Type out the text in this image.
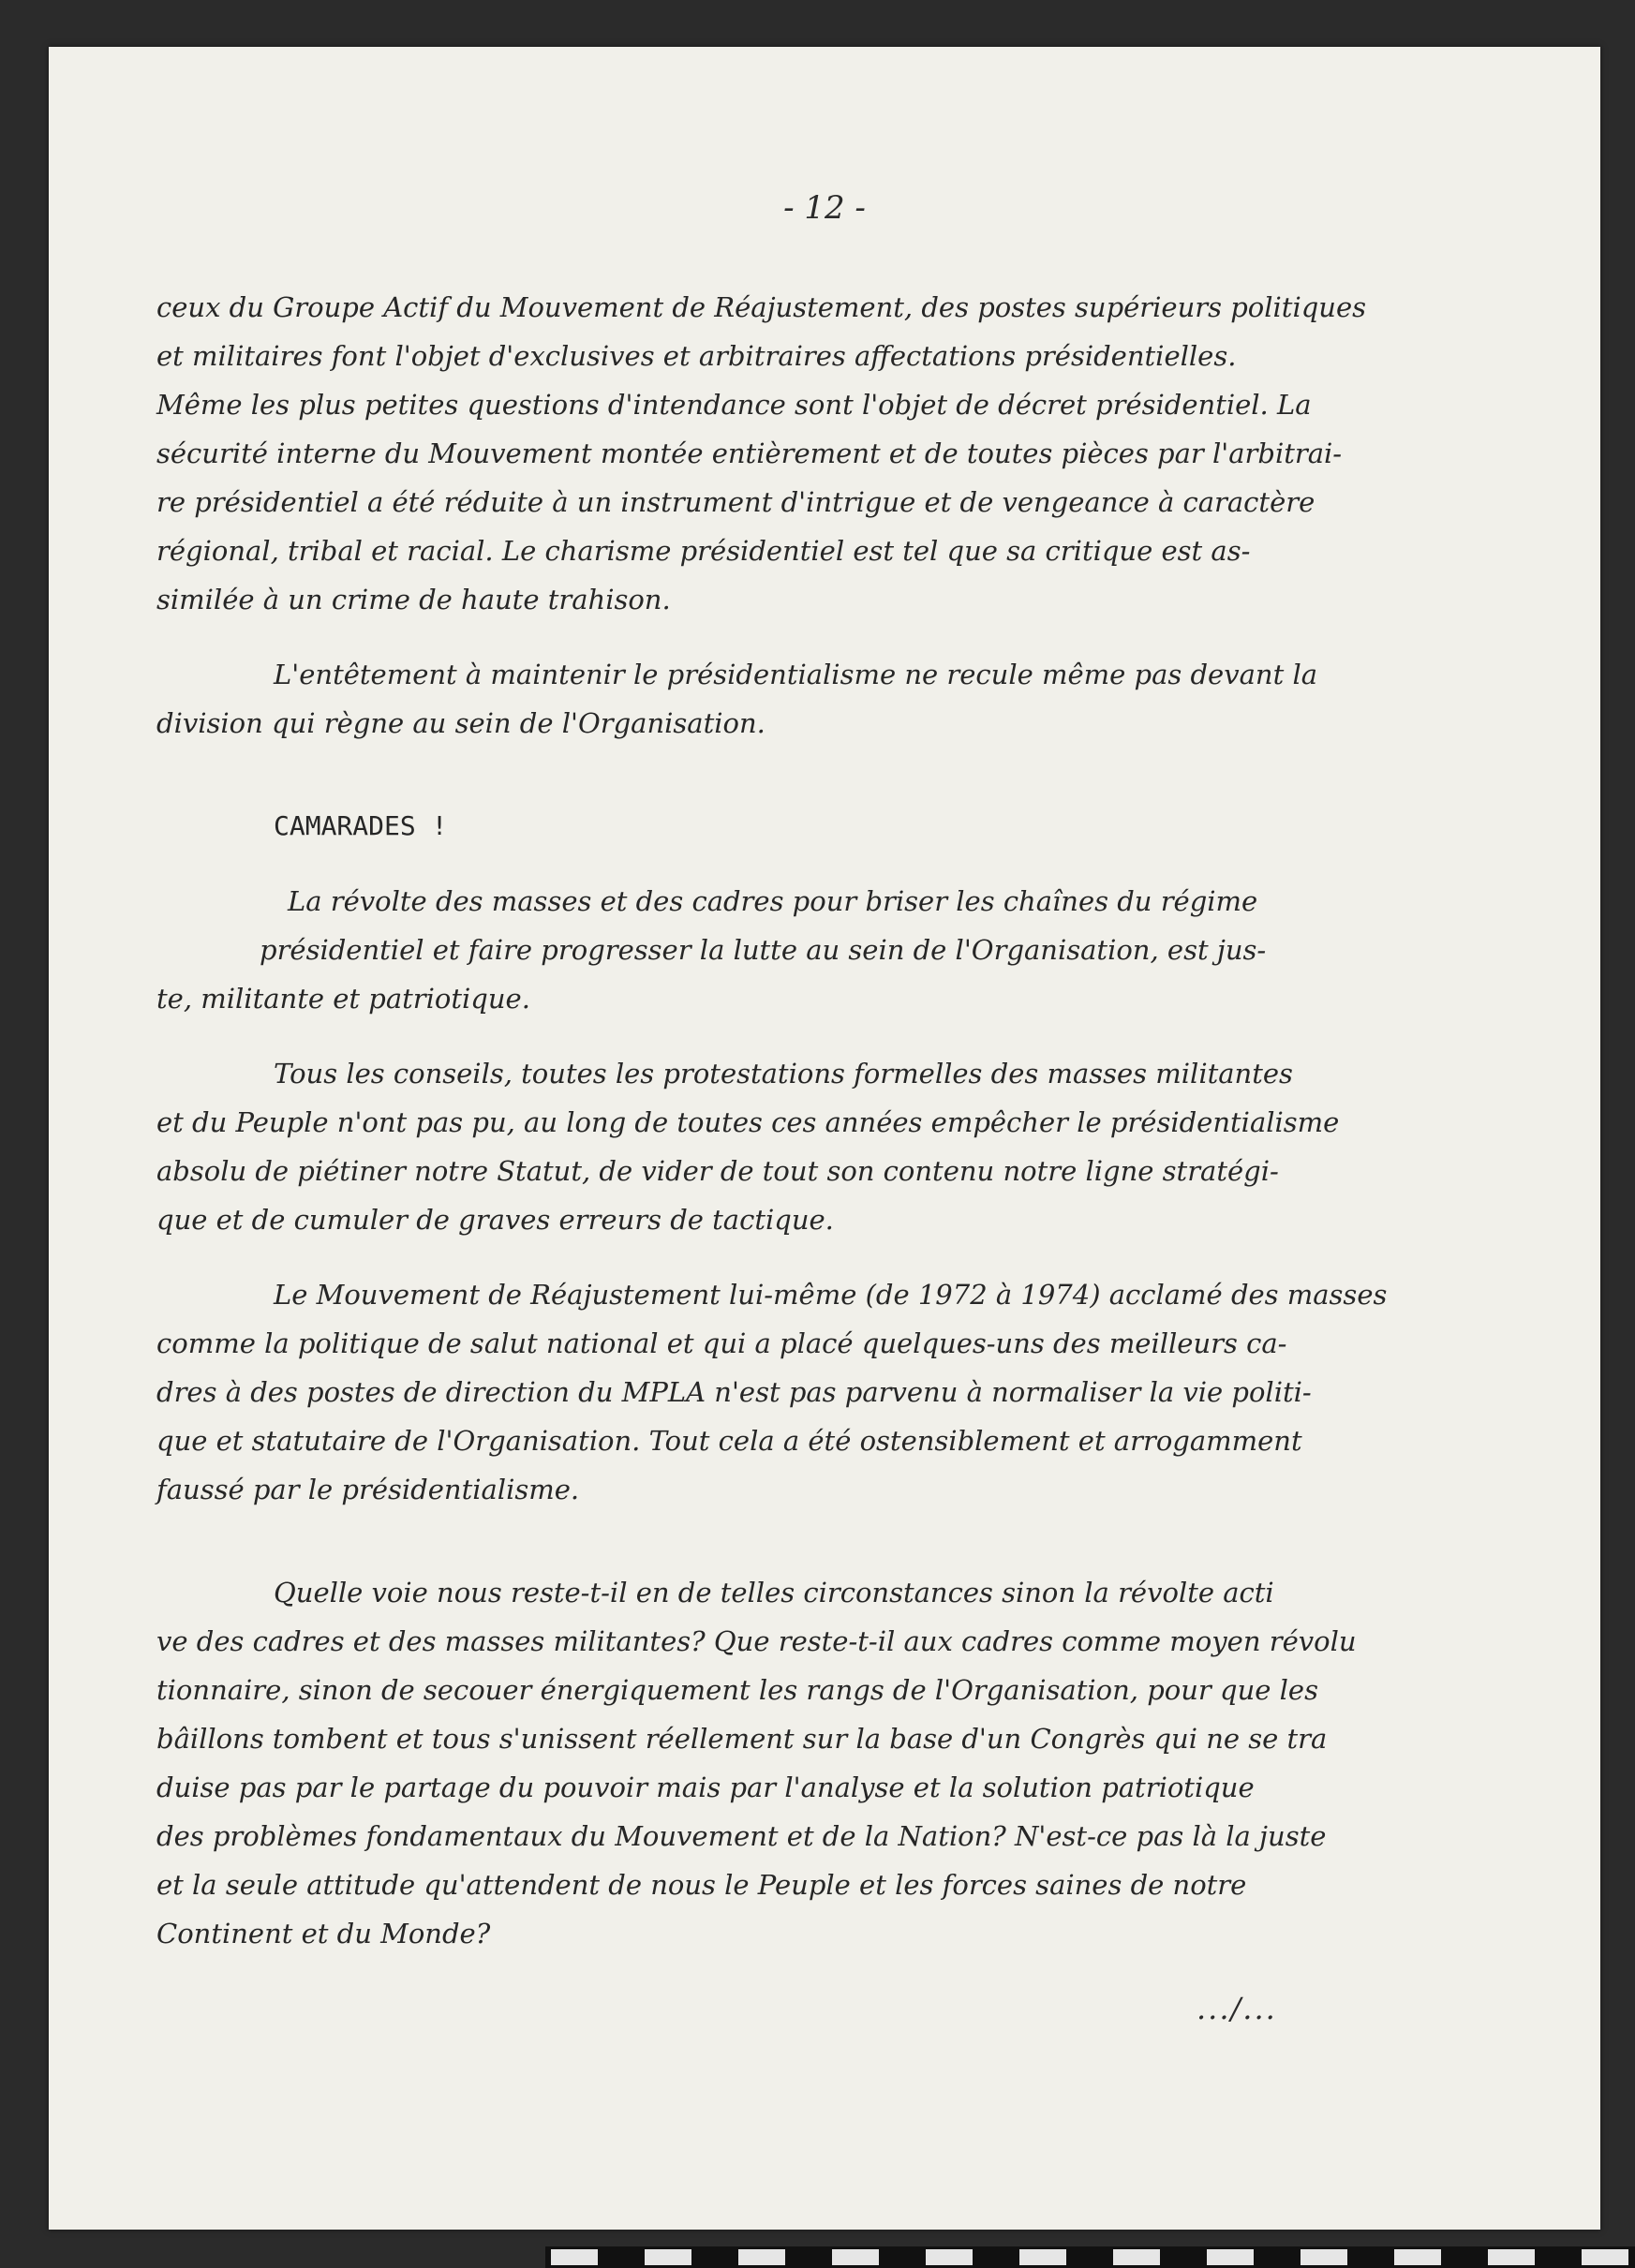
- 12 -
ceux du Groupe Actif du Mouvement de Réajustement, des postes supérieurs politiques
et militaires font l'objet d'exclusives et arbitraires affectations présidentielles.
Même les plus petites questions d'intendance sont l'objet de décret présidentiel. La
sécurité interne du Mouvement montée entièrement et de toutes pièces par l'arbitrai-
re présidentiel a été réduite à un instrument d'intrigue et de vengeance à caractère
régional, tribal et racial. Le charisme présidentiel est tel que sa critique est as-
similée à un crime de haute trahison.
L'entêtement à maintenir le présidentialisme ne recule même pas devant la
division qui règne au sein de l'Organisation.
CAMARADES !
La révolte des masses et des cadres pour briser les chaînes du régime
présidentiel et faire progresser la lutte au sein de l'Organisation, est jus-
te, militante et patriotique.
Tous les conseils, toutes les protestations formelles des masses militantes
et du Peuple n'ont pas pu, au long de toutes ces années empêcher le présidentialisme
absolu de piétiner notre Statut, de vider de tout son contenu notre ligne stratégi-
que et de cumuler de graves erreurs de tactique.
Le Mouvement de Réajustement lui-même (de 1972 à 1974) acclamé des masses
comme la politique de salut national et qui a placé quelques-uns des meilleurs ca-
dres à des postes de direction du MPLA n'est pas parvenu à normaliser la vie politi-
que et statutaire de l'Organisation. Tout cela a été ostensiblement et arrogamment
faussé par le présidentialisme.
Quelle voie nous reste-t-il en de telles circonstances sinon la révolte acti
ve des cadres et des masses militantes? Que reste-t-il aux cadres comme moyen révolu
tionnaire, sinon de secouer énergiquement les rangs de l'Organisation, pour que les
bâillons tombent et tous s'unissent réellement sur la base d'un Congrès qui ne se tra
duise pas par le partage du pouvoir mais par l'analyse et la solution patriotique
des problèmes fondamentaux du Mouvement et de la Nation? N'est-ce pas là la juste
et la seule attitude qu'attendent de nous le Peuple et les forces saines de notre
Continent et du Monde?
.../...
